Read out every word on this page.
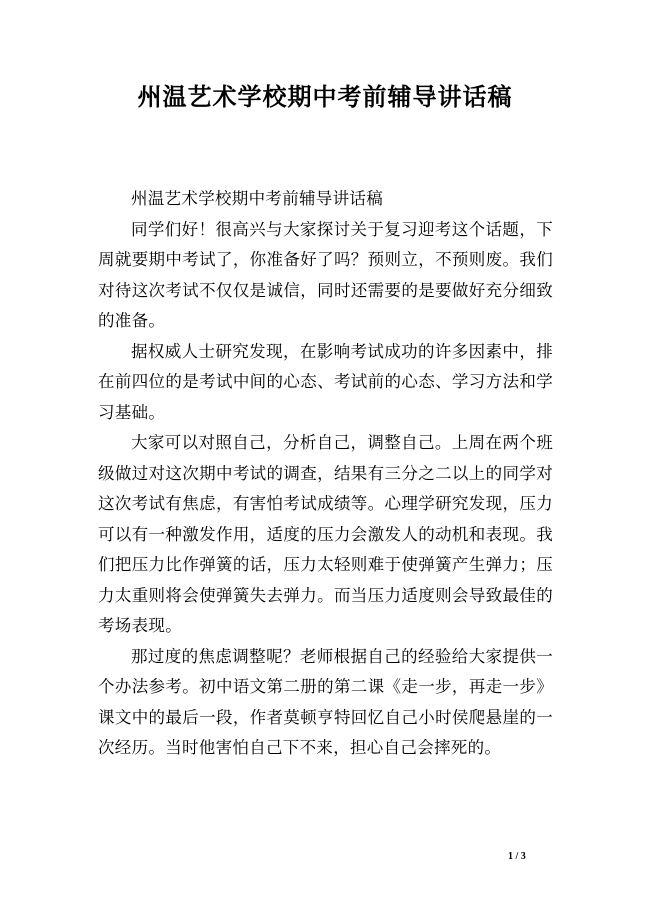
州温艺术学校期中考前辅导讲话稿

州温艺术学校期中考前辅导讲话稿

同学们好！很高兴与大家探讨关于复习迎考这个话题，下周就要期中考试了，你准备好了吗？预则立，不预则废。我们对待这次考试不仅仅是诚信，同时还需要的是要做好充分细致的准备。

据权威人士研究发现，在影响考试成功的许多因素中，排在前四位的是考试中间的心态、考试前的心态、学习方法和学习基础。

大家可以对照自己，分析自己，调整自己。上周在两个班级做过对这次期中考试的调查，结果有三分之二以上的同学对这次考试有焦虑，有害怕考试成绩等。心理学研究发现，压力可以有一种激发作用，适度的压力会激发人的动机和表现。我们把压力比作弹簧的话，压力太轻则难于使弹簧产生弹力；压力太重则将会使弹簧失去弹力。而当压力适度则会导致最佳的考场表现。

那过度的焦虑调整呢？老师根据自己的经验给大家提供一个办法参考。初中语文第二册的第二课《走一步，再走一步》课文中的最后一段，作者莫顿亨特回忆自己小时侯爬悬崖的一次经历。当时他害怕自己下不来，担心自己会摔死的。

1 / 3
